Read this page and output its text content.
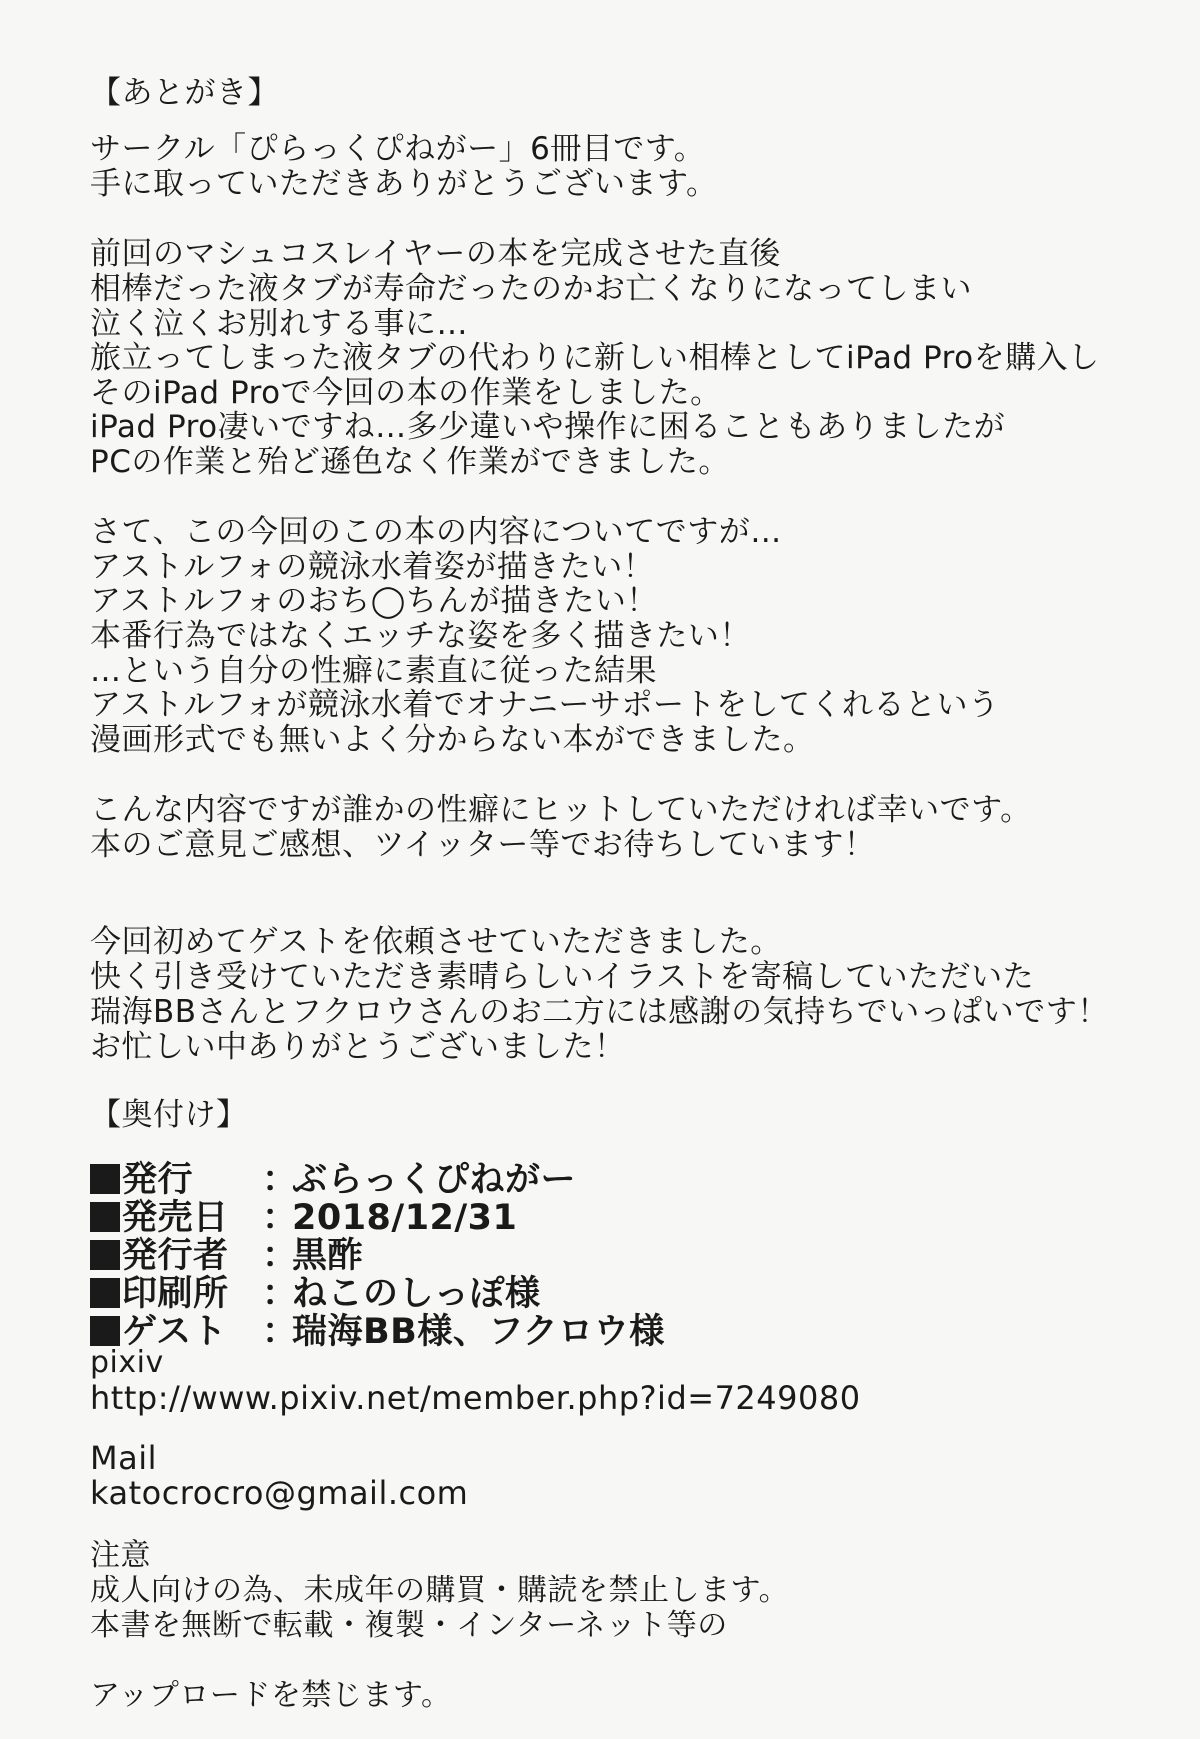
【あとがき】
サークル「ぴらっくぴねがー」6冊目です。
手に取っていただきありがとうございます。
前回のマシュコスレイヤーの本を完成させた直後
相棒だった液タブが寿命だったのかお亡くなりになってしまい
泣く泣くお別れする事に…
旅立ってしまった液タブの代わりに新しい相棒としてiPad Proを購入し
そのiPad Proで今回の本の作業をしました。
iPad Pro凄いですね…多少違いや操作に困ることもありましたが
PCの作業と殆ど遜色なく作業ができました。
さて、この今回のこの本の内容についてですが…
アストルフォの競泳水着姿が描きたい！
アストルフォのおち◯ちんが描きたい！
本番行為ではなくエッチな姿を多く描きたい！
…という自分の性癖に素直に従った結果
アストルフォが競泳水着でオナニーサポートをしてくれるという
漫画形式でも無いよく分からない本ができました。
こんな内容ですが誰かの性癖にヒットしていただければ幸いです。
本のご意見ご感想、ツイッター等でお待ちしています！
今回初めてゲストを依頼させていただきました。
快く引き受けていただき素晴らしいイラストを寄稿していただいた
瑞海BBさんとフクロウさんのお二方には感謝の気持ちでいっぱいです！
お忙しい中ありがとうございました！
【奥付け】
発行 ：ぶらっくぴねがー
発売日 ：2018/12/31
発行者 ：黒酢
印刷所 ：ねこのしっぽ様
ゲスト ：瑞海BB様、フクロウ様
pixiv
http://www.pixiv.net/member.php?id=7249080
Mail
katocrocro@gmail.com
注意
成人向けの為、未成年の購買・購読を禁止します。
本書を無断で転載・複製・インターネット等の
アップロードを禁じます。
